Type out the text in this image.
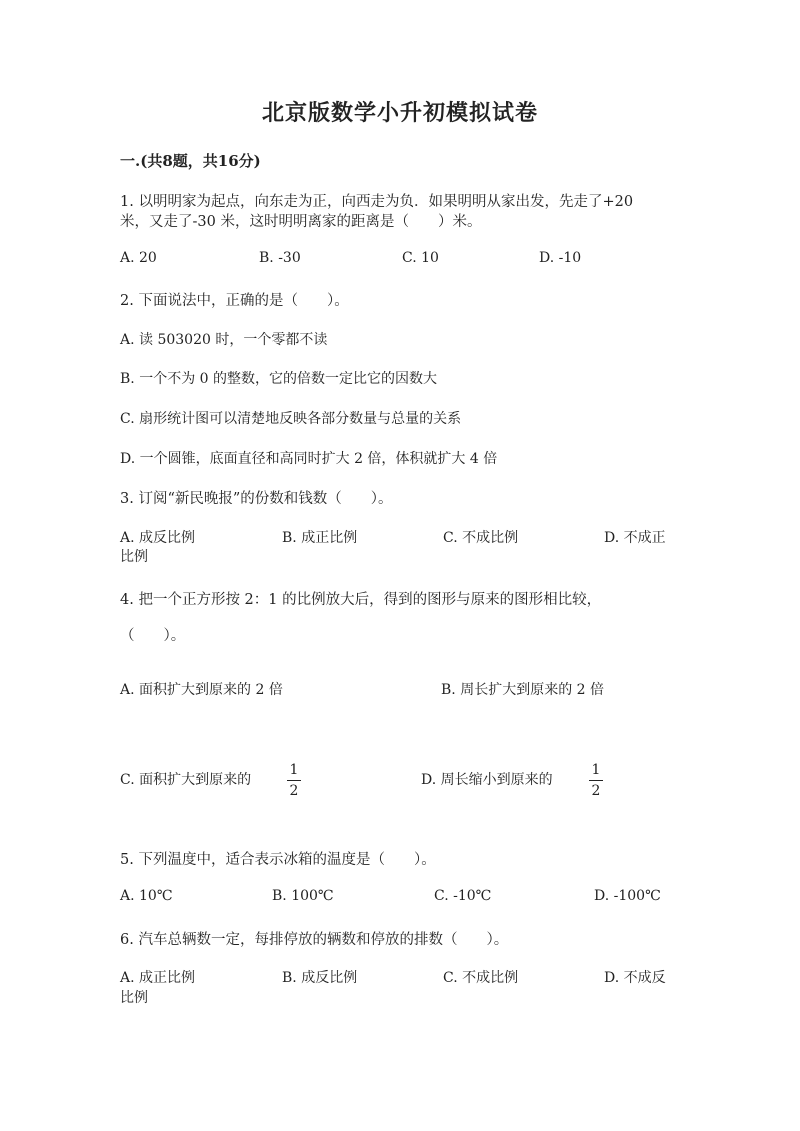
北京版数学小升初模拟试卷
一.(共8题，共16分)
1. 以明明家为起点，向东走为正，向西走为负．如果明明从家出发，先走了+20
米，又走了-30 米，这时明明离家的距离是（　　）米。
A. 20	B. -30	C. 10	D. -10
2. 下面说法中，正确的是（　　）。
A. 读 503020 时，一个零都不读
B. 一个不为 0 的整数，它的倍数一定比它的因数大
C. 扇形统计图可以清楚地反映各部分数量与总量的关系
D. 一个圆锥，底面直径和高同时扩大 2 倍，体积就扩大 4 倍
3. 订阅“新民晚报”的份数和钱数（　　）。
A. 成反比例	B. 成正比例	C. 不成比例	D. 不成正
比例
4. 把一个正方形按 2：1 的比例放大后，得到的图形与原来的图形相比较，
（　　）。
A. 面积扩大到原来的 2 倍	B. 周长扩大到原来的 2 倍
C. 面积扩大到原来的
1
2
D. 周长缩小到原来的
1
2
5. 下列温度中，适合表示冰箱的温度是（　　）。
A. 10℃	B. 100℃	C. -10℃	D. -100℃
6. 汽车总辆数一定，每排停放的辆数和停放的排数（　　）。
A. 成正比例	B. 成反比例	C. 不成比例	D. 不成反
比例
